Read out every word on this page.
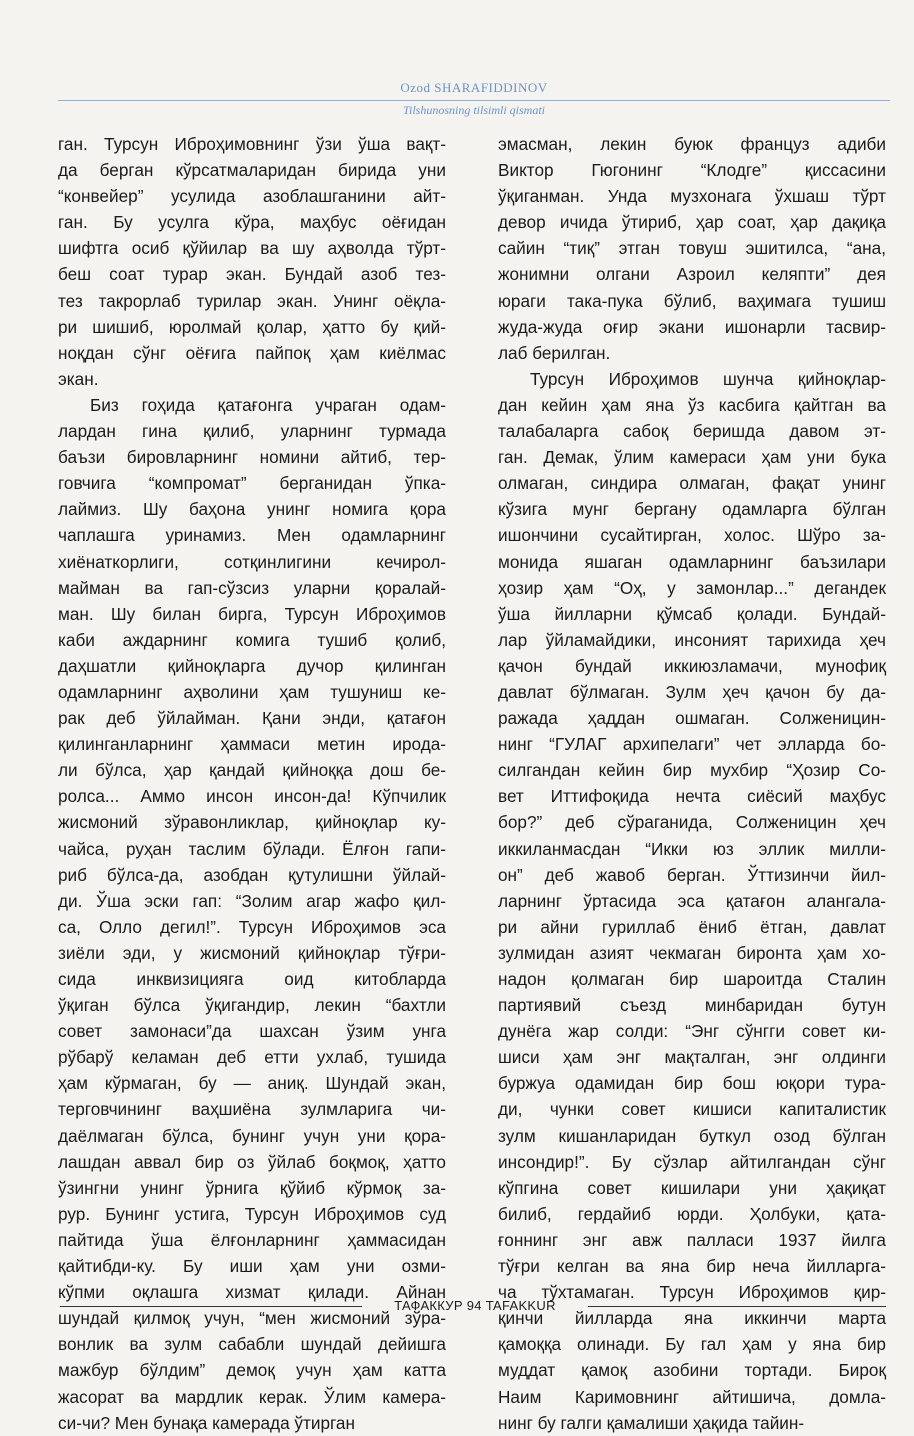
Ozod SHARAFIDDINOV
Tilshunosning tilsimli qismati
ган. Турсун Иброҳимовнинг ўзи ўша вақт-
да берган кўрсатмаларидан бирида уни
“конвейер” усулида азоблашганини айт-
ган. Бу усулга кўра, маҳбус оёғидан
шифтга осиб қўйилар ва шу аҳволда тўрт-
беш соат турар экан. Бундай азоб тез-
тез такрорлаб турилар экан. Унинг оёқла-
ри шишиб, юролмай қолар, ҳатто бу қий-
ноқдан сўнг оёғига пайпоқ ҳам киёлмас
экан.
Биз гоҳида қатағонга учраган одам-
лардан гина қилиб, уларнинг турмада
баъзи бировларнинг номини айтиб, тер-
говчига “компромат” берганидан ўпка-
лаймиз. Шу баҳона унинг номига қора
чаплашга уринамиз. Мен одамларнинг
хиёнаткорлиги, сотқинлигини кечирол-
майман ва гап-сўзсиз уларни қоралай-
ман. Шу билан бирга, Турсун Иброҳимов
каби аждарнинг комига тушиб қолиб,
даҳшатли қийноқларга дучор қилинган
одамларнинг аҳволини ҳам тушуниш ке-
рак деб ўйлайман. Қани энди, қатағон
қилинганларнинг ҳаммаси метин ирода-
ли бўлса, ҳар қандай қийноққа дош бе-
ролса... Аммо инсон инсон-да! Кўпчилик
жисмоний зўравонликлар, қийноқлар ку-
чайса, руҳан таслим бўлади. Ёлғон гапи-
риб бўлса-да, азобдан қутулишни ўйлай-
ди. Ўша эски гап: “Золим агар жафо қил-
са, Олло дегил!”. Турсун Иброҳимов эса
зиёли эди, у жисмоний қийноқлар тўғри-
сида инквизицияга оид китобларда
ўқиган бўлса ўқигандир, лекин “бахтли
совет замонаси”да шахсан ўзим унга
рўбарў келаман деб етти ухлаб, тушида
ҳам кўрмаган, бу — аниқ. Шундай экан,
терговчининг ваҳшиёна зулмларига чи-
даёлмаган бўлса, бунинг учун уни қора-
лашдан аввал бир оз ўйлаб боқмоқ, ҳатто
ўзингни унинг ўрнига қўйиб кўрмоқ за-
рур. Бунинг устига, Турсун Иброҳимов суд
пайтида ўша ёлғонларнинг ҳаммасидан
қайтибди-ку. Бу иши ҳам уни озми-
кўпми оқлашга хизмат қилади. Айнан
шундай қилмоқ учун, “мен жисмоний зўра-
вонлик ва зулм сабабли шундай дейишга
мажбур бўлдим” демоқ учун ҳам катта
жасорат ва мардлик керак. Ўлим камера-
си-чи? Мен бунақа камерада ўтирган
эмасман, лекин буюк француз адиби
Виктор Гюгонинг “Клодге” қиссасини
ўқиганман. Унда музхонага ўхшаш тўрт
девор ичида ўтириб, ҳар соат, ҳар дақиқа
сайин “тиқ” этган товуш эшитилса, “ана,
жонимни олгани Азроил келяпти” дея
юраги така-пука бўлиб, ваҳимага тушиш
жуда-жуда оғир экани ишонарли тасвир-
лаб берилган.
Турсун Иброҳимов шунча қийноқлар-
дан кейин ҳам яна ўз касбига қайтган ва
талабаларга сабоқ беришда давом эт-
ган. Демак, ўлим камераси ҳам уни бука
олмаган, синдира олмаган, фақат унинг
кўзига мунг бергану одамларга бўлган
ишончини сусайтирган, холос. Шўро за-
монида яшаган одамларнинг баъзилари
ҳозир ҳам “Оҳ, у замонлар...” дегандек
ўша йилларни қўмсаб қолади. Бундай-
лар ўйламайдики, инсоният тарихида ҳеч
қачон бундай иккиюзламачи, мунофиқ
давлат бўлмаган. Зулм ҳеч қачон бу да-
ражада ҳаддан ошмаган. Солженицин-
нинг “ГУЛАГ архипелаги” чет элларда бо-
силгандан кейин бир мухбир “Ҳозир Со-
вет Иттифоқида нечта сиёсий маҳбус
бор?” деб сўраганида, Солженицин ҳеч
иккиланмасдан “Икки юз эллик милли-
он” деб жавоб берган. Ўттизинчи йил-
ларнинг ўртасида эса қатағон алангала-
ри айни гуриллаб ёниб ётган, давлат
зулмидан азият чекмаган биронта ҳам хо-
надон қолмаган бир шароитда Сталин
партиявий съезд минбаридан бутун
дунёга жар солди: “Энг сўнгги совет ки-
шиси ҳам энг мақталган, энг олдинги
буржуа одамидан бир бош юқори тура-
ди, чунки совет кишиси капиталистик
зулм кишанларидан буткул озод бўлган
инсондир!”. Бу сўзлар айтилгандан сўнг
кўпгина совет кишилари уни ҳақиқат
билиб, гердайиб юрди. Ҳолбуки, қата-
ғоннинг энг авж палласи 1937 йилга
тўғри келган ва яна бир неча йилларга-
ча тўхтамаган. Турсун Иброҳимов қир-
қинчи йилларда яна иккинчи марта
қамоққа олинади. Бу гал ҳам у яна бир
муддат қамоқ азобини тортади. Бироқ
Наим Каримовнинг айтишича, домла-
нинг бу галги қамалиши ҳақида тайин-
ТАФАККУР 94 TAFAKKUR
